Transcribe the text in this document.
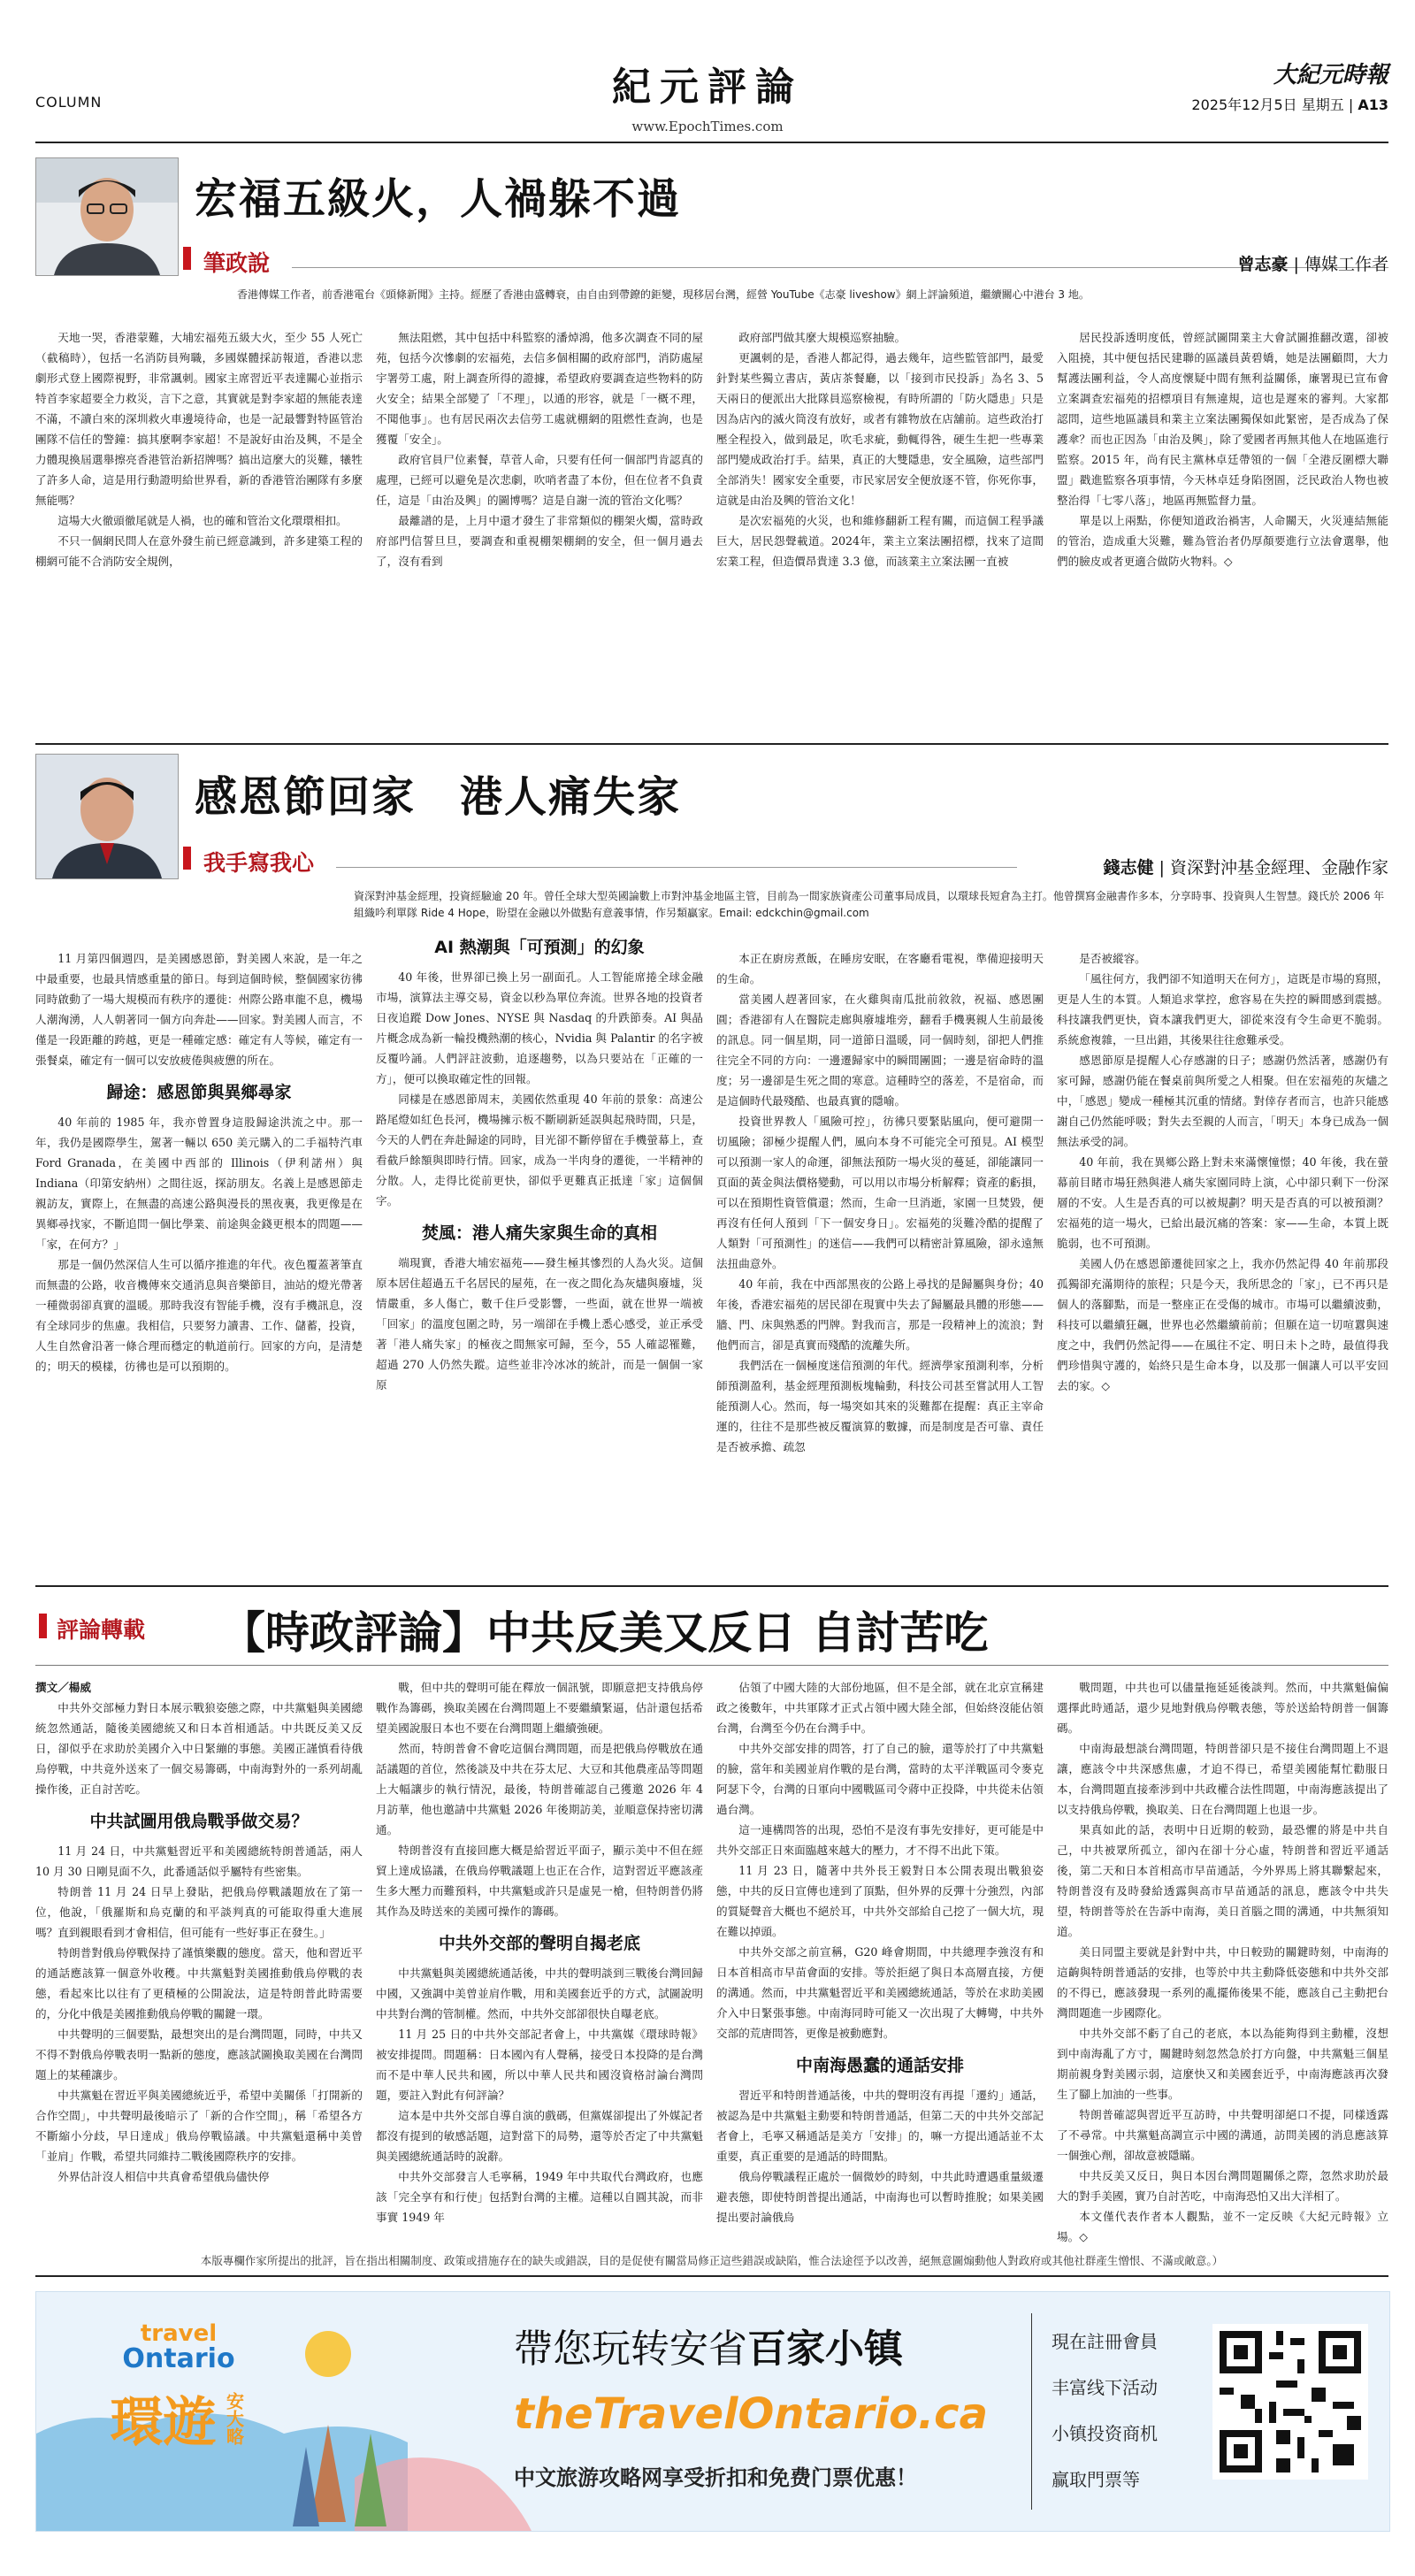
COLUMN	紀元評論
www.EpochTimes.com
大紀元時報
2025年12月5日 星期五 | A13
宏福五級火，人禍躲不過
筆政說	曾志豪 | 傳媒工作者
香港傳媒工作者，前香港電台《頭條新聞》主持。經歷了香港由盛轉衰，由自由到帶鐐的鉅變，現移居台灣，經營 YouTube《志豪 liveshow》網上評論頻道，繼續關心中港台 3 地。

天地一哭，香港蒙難，大埔宏福苑五級大火，至少 55 人死亡（截稿時），包括一名消防員殉職，多國媒體採訪報道，香港以悲劇形式登上國際視野，非常諷刺。國家主席習近平表達關心並指示特首李家超要全力救災，言下之意，其實就是對李家超的無能表達不滿，不讀白來的深圳救火車邊境待命，也是一記最響對特區管治團隊不信任的警鐘：搞其麼啊李家超！不是說好由治及興，不是全力體現換屆選舉擦亮香港管治新招牌嗎？搞出這麼大的災難，犧牲了許多人命，這是用行動證明給世界看，新的香港管治團隊有多麼無能嗎？

這場大火徹頭徹尾就是人禍，也的確和管治文化環環相扣。

不只一個網民問人在意外發生前已經意識到，許多建築工程的棚網可能不合消防安全規例，

無法阻燃，其中包括中科監察的潘焯鴻，他多次調查不同的屋苑，包括今次慘劇的宏福苑，去信多個相關的政府部門，消防處屋宇署勞工處，附上調查所得的證據，希望政府要調查這些物料的防火安全；結果全部變了「不理」，以通的形容，就是「一概不理，不聞他事」。也有居民兩次去信勞工處就棚網的阻燃性查詢，也是獲覆「安全」。

政府官員尸位素餐，草菅人命，只要有任何一個部門肯認真的處理，已經可以避免是次悲劇，吹哨者盡了本份，但在位者不負責任，這是「由治及興」的圖博嗎？這是自謝一流的管治文化嗎？

最離譜的是，上月中還才發生了非常類似的棚架火燭，當時政府部門信誓旦旦，要調查和重視棚架棚網的安全，但一個月過去了，沒有看到

政府部門做其麼大規模巡察抽驗。

更諷刺的是，香港人都記得，過去幾年，這些監管部門，最愛針對某些獨立書店，黃店茶餐廳，以「接到市民投訴」為名 3、5 天兩日的便派出大批隊員巡察檢視，有時所謂的「防火隱患」只是因為店內的滅火筒沒有放好，或者有雜物放在店舖前。這些政治打壓全程投入，做到最足，吹毛求疵，動輒得咎，硬生生把一些專業部門變成政治打手。結果，真正的大雙隱患，安全風險，這些部門全部消失！國家安全重要，市民家居安全便放逐不管，你死你事，這就是由治及興的管治文化！

是次宏福苑的火災，也和維修翻新工程有關，而這個工程爭議巨大，居民怨聲載道。2024年，業主立案法團招標，找來了這間宏業工程，但造價昂貴達 3.3 億，而該業主立案法團一直被

居民投訴透明度低，曾經試圖開業主大會試圖推翻改選，卻被入阻撓，其中便包括民建聯的區議員黃碧嬌，她是法團顧問，大力幫護法團利益，令人高度懷疑中間有無利益關係，廉署現已宣布會立案調查宏福苑的招標項目有無違規，這也是遲來的審判。大家都認問，這些地區議員和業主立案法團獨保如此緊密，是否成為了保護傘？而也正因為「由治及興」，除了愛國者再無其他人在地區進行監察。2015 年，尚有民主黨林卓廷帶領的一個「全港反圍標大聯盟」戳進監察各項事情，今天林卓廷身陷囹圄，泛民政治人物也被整治得「七零八落」，地區再無監督力量。

單是以上兩點，你便知道政治禍害，人命關天，火災連結無能的管治，造成重大災難，難為管治者仍厚顏要進行立法會選舉，他們的臉皮或者更適合做防火物料。◇

感恩節回家　港人痛失家
我手寫我心	錢志健 | 資深對沖基金經理、金融作家
資深對沖基金經理，投資經驗逾 20 年。曾任全球大型英國論數上市對沖基金地區主管，目前為一間家族資產公司董事局成員，以環球長短倉為主打。他曾撰寫金融書作多本，分享時事、投資與人生智慧。錢氏於 2006 年組織吟利單隊 Ride 4 Hope，盼望在金融以外做點有意義事情，作另類贏家。Email: edckchin@gmail.com

11 月第四個週四，是美國感恩節，對美國人來說，是一年之中最重要，也最具情感重量的節日。每到這個時候，整個國家彷彿同時啟動了一場大規模而有秩序的遷徙：州際公路車龍不息，機場人潮洶湧，人人朝著同一個方向奔赴——回家。對美國人而言，不僅是一段距離的跨越，更是一種確定感：確定有人等候，確定有一張餐桌，確定有一個可以安放疲倦與疲憊的所在。

歸途：感恩節與異鄉尋家

40 年前的 1985 年，我亦曾置身這股歸途洪流之中。那一年，我仍是國際學生，駕著一輛以 650 美元購入的二手福特汽車 Ford Granada，在美國中西部的 Illinois（伊利諾州）與 Indiana（印第安納州）之間往返，探訪朋友。名義上是感恩節走親訪友，實際上，在無盡的高速公路與漫長的黑夜裏，我更像是在異鄉尋找家，不斷追問一個比學業、前途與金錢更根本的問題——「家，在何方？」

那是一個仍然深信人生可以循序推進的年代。夜色覆蓋著筆直而無盡的公路，收音機傳來交通消息與音樂節目，油站的燈光帶著一種微弱卻真實的溫暖。那時我沒有智能手機，沒有手機訊息，沒有全球同步的焦慮。我相信，只要努力讀書、工作、儲蓄，投資，人生自然會沿著一條合理而穩定的軌道前行。回家的方向，是清楚的；明天的模樣，彷彿也是可以預期的。

AI 熱潮與「可預測」的幻象

40 年後，世界卻已換上另一副面孔。人工智能席捲全球金融市場，演算法主導交易，資金以秒為單位奔流。世界各地的投資者日夜追蹤 Dow Jones、NYSE 與 Nasdaq 的升跌節奏。AI 與晶片概念成為新一輪投機熱潮的核心，Nvidia 與 Palantir 的名字被反覆吟誦。人們評註波動，追逐趨勢，以為只要站在「正確的一方」，便可以換取確定性的回報。

同樣是在感恩節周末，美國依然重現 40 年前的景象：高速公路尾燈如紅色長河，機場擁示板不斷刷新延誤與起飛時間，只是，今天的人們在奔赴歸途的同時，目光卻不斷停留在手機螢幕上，查看截戶餘額與即時行情。回家，成為一半肉身的遷徙，一半精神的分散。人，走得比從前更快，卻似乎更難真正抵達「家」這個個字。

焚風：港人痛失家與生命的真相

端現實，香港大埔宏福苑——發生極其慘烈的人為火災。這個原本居住超過五千名居民的屋苑，在一夜之間化為灰燼與廢墟，災情嚴重，多人傷亡，數千住戶受影響，一些面，就在世界一端被「回家」的溫度包圍之時，另一端卻在手機上悉心感受，並正承受著「港人痛失家」的極夜之間無家可歸，至今，55 人確認罹難，超過 270 人仍然失蹤。這些並非冷冰冰的統計，而是一個個一家原

本正在廚房煮飯，在睡房安眠，在客廳看電視，準備迎接明天的生命。

當美國人趕著回家，在火雞與南瓜批前敘敘，祝福、感恩團圓；香港卻有人在醫院走廊與廢墟堆旁，翻看手機裏親人生前最後的訊息。同一個星期，同一道節日溫暖，同一個時刻，卻把人們推往完全不同的方向：一邊遷歸家中的瞬間團圓；一邊是宿命時的溫度；另一邊卻是生死之間的寒意。這種時空的落差，不是宿命，而是這個時代最殘酷、也最真實的隱喻。

投資世界教人「風險可控」，彷彿只要緊貼風向，便可避開一切風險；卻極少提醒人們，風向本身不可能完全可預見。AI 模型可以預測一家人的命運，卻無法預防一場火災的蔓延，卻能讓同一頁面的黃金與法價格變動，可以用以市場分析解釋；資產的虧損，可以在預期性資管償還；然而，生命一旦消逝，家園一旦焚毀，便再沒有任何人預到「下一個安身日」。宏福苑的災難冷酷的提醒了人類對「可預測性」的迷信——我們可以精密計算風險，卻永遠無法扭曲意外。

40 年前，我在中西部黑夜的公路上尋找的是歸屬與身份；40 年後，香港宏福苑的居民卻在現實中失去了歸屬最具體的形態——牆、門、床與熟悉的門牌。對我而言，那是一段精神上的流浪；對他們而言，卻是真實而殘酷的流離失所。

我們活在一個極度迷信預測的年代。經濟學家預測利率，分析師預測盈利，基金經理預測板塊輪動，科技公司甚至嘗試用人工智能預測人心。然而，每一場突如其來的災難都在提醒：真正主宰命運的，往往不是那些被反覆演算的數據，而是制度是否可靠、責任是否被承擔、疏忽

是否被縱容。

「風往何方，我們卻不知道明天在何方」，這既是市場的寫照，更是人生的本質。人類追求掌控，愈容易在失控的瞬間感到震撼。科技讓我們更快，資本讓我們更大，卻從來沒有令生命更不脆弱。系統愈複雜，一旦出錯，其後果往往愈難承受。

感恩節原是提醒人心存感謝的日子；感謝仍然活著，感謝仍有家可歸，感謝仍能在餐桌前與所愛之人相聚。但在宏福苑的灰燼之中，「感恩」變成一種極其沉重的情緒。對倖存者而言，也許只能感謝自己仍然能呼吸；對失去至親的人而言，「明天」本身已成為一個無法承受的詞。

40 年前，我在異鄉公路上對未來滿懷憧憬；40 年後，我在螢幕前目睹市場狂熱與港人痛失家園同時上演，心中卻只剩下一份深層的不安。人生是否真的可以被規劃？明天是否真的可以被預測？宏福苑的這一場火，已給出最沉痛的答案：家——生命，本質上既脆弱，也不可預測。

美國人仍在感恩節遷徙回家之上，我亦仍然記得 40 年前那段孤獨卻充滿期待的旅程；只是今天，我所思念的「家」，已不再只是個人的落腳點，而是一整座正在受傷的城市。市場可以繼續波動，科技可以繼續狂飆，世界也必然繼續前前；但願在這一切喧囂與速度之中，我們仍然記得——在風往不定、明日未卜之時，最值得我們珍惜與守護的，始終只是生命本身，以及那一個讓人可以平安回去的家。◇

評論轉載 【時政評論】中共反美又反日 自討苦吃

撰文／楊威

中共外交部極力對日本展示戰狼姿態之際，中共黨魁與美國總統忽然通話，隨後美國總統又和日本首相通話。中共既反美又反日，卻似乎在求助於美國介入中日緊繃的事態。美國正謹慎看待俄烏停戰，中共竟外送來了一個交易籌碼，中南海對外的一系列胡亂操作後，正自討苦吃。

中共試圖用俄烏戰爭做交易？

11 月 24 日，中共黨魁習近平和美國總統特朗普通話，兩人 10 月 30 日剛見面不久，此番通話似乎屬特有些密集。

特朗普 11 月 24 日早上發貼，把俄烏停戰議題放在了第一位，他說，「俄羅斯和烏克蘭的和平談判真的可能取得重大進展嗎？直到親眼看到才會相信，但可能有一些好事正在發生。」

特朗普對俄烏停戰保持了謹慎樂觀的態度。當天，他和習近平的通話應該算一個意外收穫。中共黨魁對美國推動俄烏停戰的表態，看起來比以往有了更積極的公開說法，這是特朗普此時需要的，分化中俄是美國推動俄烏停戰的關鍵一環。

中共聲明的三個要點，最想突出的是台灣問題，同時，中共又不得不對俄烏停戰表明一點新的態度，應該試圖換取美國在台灣問題上的某種讓步。

中共黨魁在習近平與美國總統近乎，希望中美關係「打開新的合作空間」，中共聲明最後暗示了「新的合作空間」，稱「希望各方不斷縮小分歧，早日達成」俄烏停戰協議。中共黨魁還稱中美曾「並肩」作戰，希望共同維持二戰後國際秩序的安排。

外界估計沒人相信中共真會希望俄烏儘快停

戰，但中共的聲明可能在釋放一個訊號，即願意把支持俄烏停戰作為籌碼，換取美國在台灣問題上不要繼續緊逼，估計還包括希望美國說服日本也不要在台灣問題上繼續強硬。

然而，特朗普會不會吃這個台灣問題，而是把俄烏停戰放在通話議題的首位，然後談及中共在芬太尼、大豆和其他農產品等問題上大幅讓步的執行情況，最後，特朗普確認自己獲邀 2026 年 4 月訪華，他也邀請中共黨魁 2026 年後期訪美，並順意保持密切溝通。

特朗普沒有直接回應大概是給習近平面子，顯示美中不但在經貿上達成協議，在俄烏停戰議題上也正在合作，這對習近平應該產生多大壓力而難預料，中共黨魁或許只是虛晃一槍，但特朗普仍將其作為及時送來的美國可操作的籌碼。

中共外交部的聲明自揭老底

中共黨魁與美國總統通話後，中共的聲明談到三戰後台灣回歸中國，又強調中美曾並肩作戰，用和美國套近乎的方式，試圖說明中共對台灣的管制權。然而，中共外交部卻很快自曝老底。

11 月 25 日的中共外交部記者會上，中共黨媒《環球時報》被安排提問。問題稱：日本國內有人聲稱，接受日本投降的是台灣而不是中華人民共和國，所以中華人民共和國沒資格討論台灣問題，要註入對此有何評論？

這本是中共外交部自導自演的戲碼，但黨媒卻提出了外媒記者都沒有提到的敏感話題，這對當下的局勢，還等於否定了中共黨魁與美國總統通話時的說辭。

中共外交部發言人毛寧稱，1949 年中共取代台灣政府，也應該「完全享有和行使」包括對台灣的主權。這種以自圓其說，而非事實 1949 年

佔領了中國大陸的大部份地區，但不是全部，就在北京宣稱建政之後數年，中共軍隊才正式占領中國大陸全部，但始終沒能佔領台灣，台灣至今仍在台灣手中。

中共外交部安排的問答，打了自己的臉，還等於打了中共黨魁的臉，當年和美國並肩作戰的是台灣，當時的太平洋戰區司令麥克阿瑟下令，台灣的日軍向中國戰區司令蔣中正投降，中共從未佔領過台灣。

這一連構問答的出現，恐怕不是沒有事先安排好，更可能是中共外交部正日來面臨越來越大的壓力，才不得不出此下策。

11 月 23 日，隨著中共外長王毅對日本公開表現出戰狼姿態，中共的反日宣傳也達到了頂點，但外界的反彈十分強烈，內部的質疑聲音大概也不絕於耳，中共外交部給自己挖了一個大坑，現在難以掉頭。

中共外交部之前宣稱，G20 峰會期間，中共總理李強沒有和日本首相高市早苗會面的安排。等於拒絕了與日本高層直接，方便的溝通。然而，中共黨魁習近平和美國總統通話，等於在求助美國介入中日緊張事態。中南海同時可能又一次出現了大轉彎，中共外交部的荒唐問答，更像是被動應對。

中南海愚蠢的通話安排

習近平和特朗普通話後，中共的聲明沒有再提「遷約」通話，被認為是中共黨魁主動要和特朗普通話，但第二天的中共外交部記者會上，毛寧又稱通話是美方「安排」的，嘛一方提出通話並不太重要，真正重要的是通話的時間點。

俄烏停戰議程正處於一個微妙的時刻，中共此時遭遇重量級遷避表態，即使特朗普提出通話，中南海也可以暫時推脫；如果美國提出要討論俄烏

戰問題，中共也可以儘量拖延延後談判。然而，中共黨魁偏偏選擇此時通話，還少見地對俄烏停戰表態，等於送給特朗普一個籌碼。

中南海最想談台灣問題，特朗普卻只是不接住台灣問題上不退讓，應該令中共深感焦慮，才迫不得已，希望美國能幫忙勸服日本，台灣問題直接牽涉到中共政權合法性問題，中南海應該提出了以支持俄烏停戰，換取美、日在台灣問題上也退一步。

果真如此的話，表明中日近期的較勁，最恐懼的將是中共自己，中共被眾所孤立，卻內在卻十分心虛，特朗普和習近平通話後，第二天和日本首相高市早苗通話，今外界馬上將其聯繫起來，特朗普沒有及時發給透露與高市早苗通話的訊息，應該令中共失望，特朗普等於在告訴中南海，美日首腦之間的溝通，中共無須知道。

美日同盟主要就是針對中共，中日較勁的關鍵時刻，中南海的這齣與特朗普通話的安排，也等於中共主動降低姿態和中共外交部的不得已，應該發現一系列的亂擺佈後果不能，應該自己主動把台灣問題進一步國際化。

中共外交部不虧了自己的老底，本以為能夠得到主動權，沒想到中南海亂了方寸，關鍵時刻忽然急於打方向盤，中共黨魁三個星期前親身對美國示弱，這麼快又和美國套近乎，中南海應該再次發生了腳上加油的一些事。

特朗普確認與習近平互訪時，中共聲明卻絕口不提，同樣透露了不尋常。中共黨魁高調宣示中國的溝通，訪問美國的消息應該算一個強心劑，卻故意被隱瞞。

中共反美又反日，與日本因台灣問題關係之際，忽然求助於最大的對手美國，實乃自討苦吃，中南海恐怕又出大洋相了。

本文僅代表作者本人觀點，並不一定反映《大紀元時報》立場。◇

本版專欄作家所提出的批評，旨在指出相關制度、政策或措施存在的缺失或錯誤，目的是促使有關當局修正這些錯誤或缺陷，惟合法途徑予以改善，絕無意圖煽動他人對政府或其他社群產生憎恨、不滿或敵意。）
travel
Ontario
環遊 安大略
帶您玩转安省百家小镇
theTravelOntario.ca
中文旅游攻略网享受折扣和免费门票优惠！
現在註冊會員
丰富线下活动
小镇投资商机
赢取門票等
